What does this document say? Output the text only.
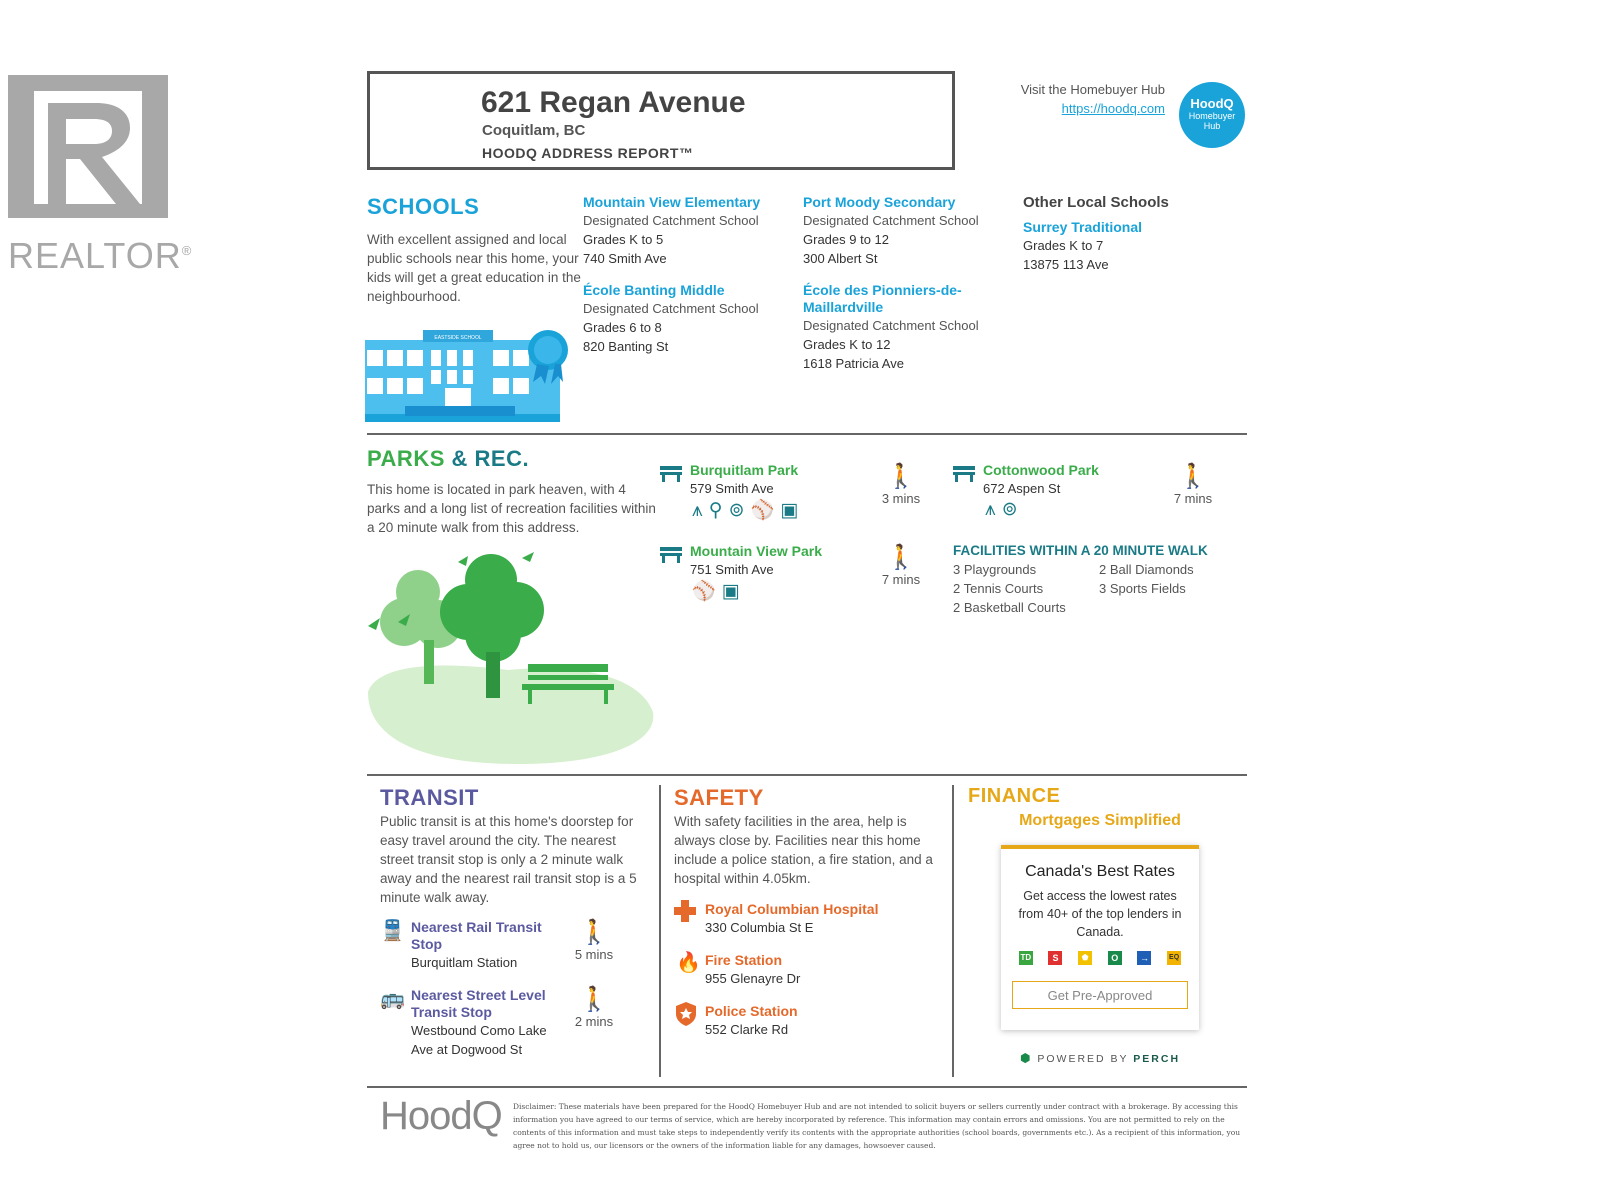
REALTOR®
621 Regan Avenue
Coquitlam, BC
HOODQ ADDRESS REPORT™
Visit the Homebuyer Hub
https://hoodq.com	HoodQ
Homebuyer
Hub
SCHOOLS
With excellent assigned and local public schools near this home, your kids will get a great education in the neighbourhood.
EASTSIDE SCHOOL
Mountain View Elementary
Designated Catchment School
Grades K to 5
740 Smith Ave
Port Moody Secondary
Designated Catchment School
Grades 9 to 12
300 Albert St
École Banting Middle
Designated Catchment School
Grades 6 to 8
820 Banting St
École des Pionniers-de-
Maillardville
Designated Catchment School
Grades K to 12
1618 Patricia Ave
Other Local Schools
Surrey Traditional
Grades K to 7
13875 113 Ave
PARKS & REC.
This home is located in park heaven, with 4 parks and a long list of recreation facilities within a 20 minute walk from this address.
Burquitlam Park
579 Smith Ave
⩚⚲⊚⚾▣
🚶
3 mins
Cottonwood Park
672 Aspen St
⩚⊚
🚶
7 mins
Mountain View Park
751 Smith Ave
⚾▣
🚶
7 mins
FACILITIES WITHIN A 20 MINUTE WALK
3 Playgrounds	2 Ball Diamonds
2 Tennis Courts	3 Sports Fields
2 Basketball Courts
TRANSIT
Public transit is at this home's doorstep for easy travel around the city. The nearest street transit stop is only a 2 minute walk away and the nearest rail transit stop is a 5 minute walk away.
🚆 Nearest Rail Transit
Stop
Burquitlam Station
🚶
5 mins
🚌 Nearest Street Level
Transit Stop
Westbound Como Lake
Ave at Dogwood St
🚶
2 mins
SAFETY
With safety facilities in the area, help is always close by. Facilities near this home include a police station, a fire station, and a hospital within 4.05km.
Royal Columbian Hospital
330 Columbia St E
🔥 Fire Station
955 Glenayre Dr
Police Station
552 Clarke Rd
FINANCE
Mortgages Simplified
Canada's Best Rates
Get access the lowest rates from 40+ of the top lenders in Canada.
TD	S	⬟	O	→	EQ
Get Pre-Approved
⬢ POWERED BY PERCH
HoodQ Disclaimer: These materials have been prepared for the HoodQ Homebuyer Hub and are not intended to solicit buyers or sellers currently under contract with a brokerage. By accessing this information you have agreed to our terms of service, which are hereby incorporated by reference. This information may contain errors and omissions. You are not permitted to rely on the contents of this information and must take steps to independently verify its contents with the appropriate authorities (school boards, governments etc.). As a recipient of this information, you agree not to hold us, our licensors or the owners of the information liable for any damages, howsoever caused.
